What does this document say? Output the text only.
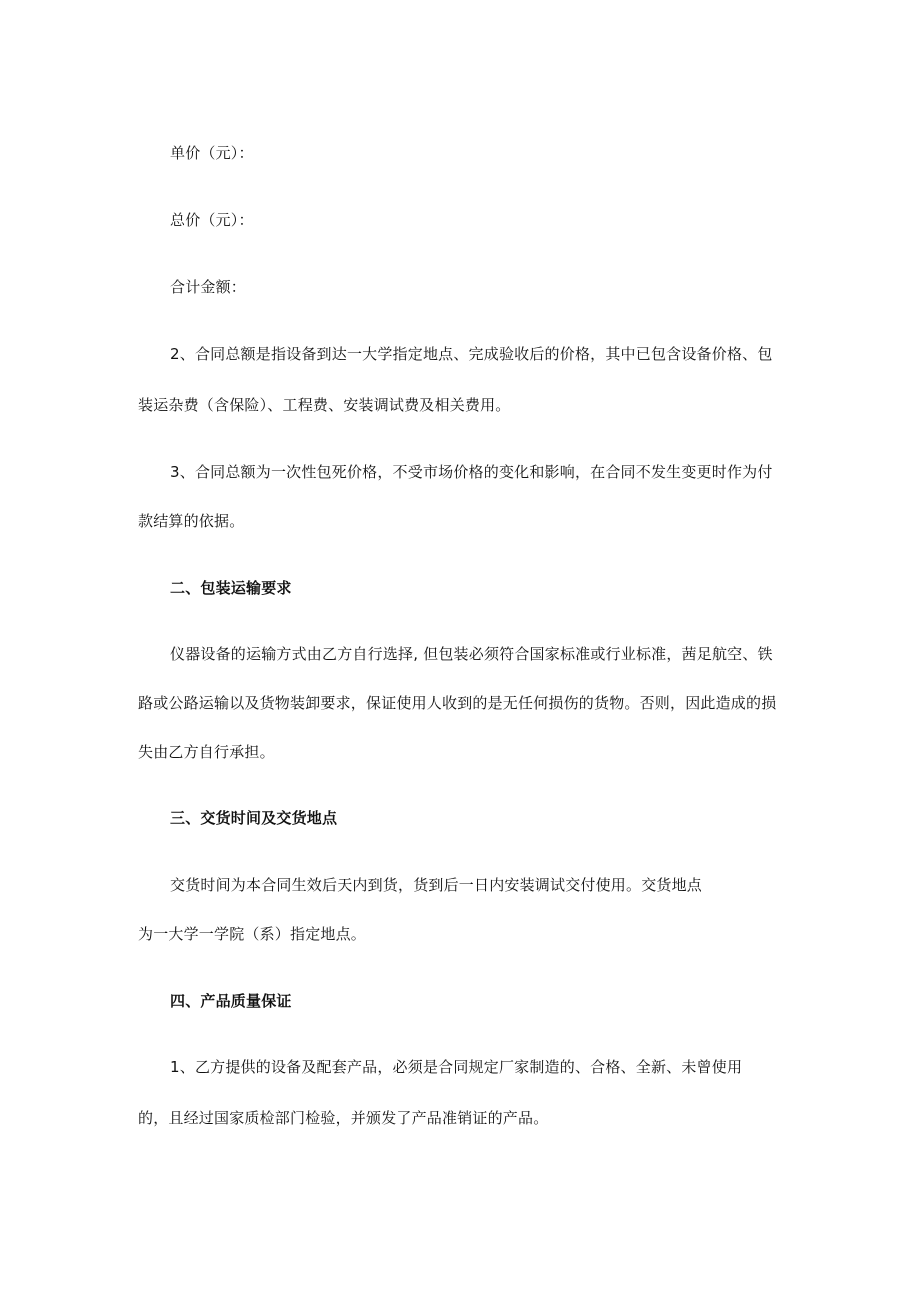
单价（元）：
总价（元）：
合计金额：
2、合同总额是指设备到达一大学指定地点、完成验收后的价格，其中已包含设备价格、包
装运杂费（含保险）、工程费、安装调试费及相关费用。
3、合同总额为一次性包死价格，不受市场价格的变化和影响，在合同不发生变更时作为付
款结算的依据。
二、包装运输要求
仪器设备的运输方式由乙方自行选择, 但包装必须符合国家标准或行业标准，茜足航空、铁
路或公路运输以及货物装卸要求，保证使用人收到的是无任何损伤的货物。否则，因此造成的损
失由乙方自行承担。
三、交货时间及交货地点
交货时间为本合同生效后天内到货，货到后一日内安装调试交付使用。交货地点
为一大学一学院（系）指定地点。
四、产品质量保证
1、乙方提供的设备及配套产品，必须是合同规定厂家制造的、合格、全新、未曾使用
的，且经过国家质检部门检验，并颁发了产品准销证的产品。
